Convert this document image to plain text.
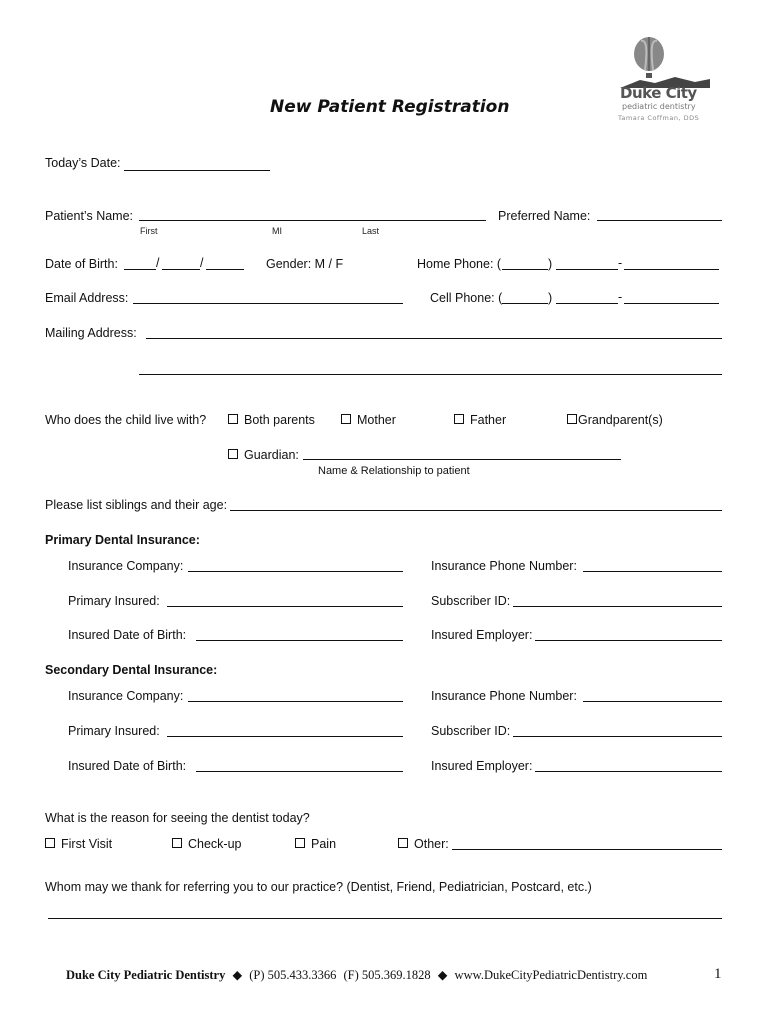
Duke City
pediatric dentistry
Tamara Coffman, DDS
New Patient Registration
Today’s Date:
Patient’s Name:
First	MI	Last
Preferred Name:
Date of Birth:	/	/	Gender: M / F	Home Phone: (	)	-
Email Address:	Cell Phone: (	)	-
Mailing Address:
Who does the child live with?	Both parents	Mother	Father	Grandparent(s)
Guardian:
Name & Relationship to patient
Please list siblings and their age:
Primary Dental Insurance:
Insurance Company:	Insurance Phone Number:
Primary Insured:	Subscriber ID:
Insured Date of Birth:	Insured Employer:
Secondary Dental Insurance:
Insurance Company:	Insurance Phone Number:
Primary Insured:	Subscriber ID:
Insured Date of Birth:	Insured Employer:
What is the reason for seeing the dentist today?
First Visit	Check-up	Pain	Other:
Whom may we thank for referring you to our practice? (Dentist, Friend, Pediatrician, Postcard, etc.)
Duke City Pediatric Dentistry ◆ (P) 505.433.3366 (F) 505.369.1828 ◆ www.DukeCityPediatricDentistry.com	1
